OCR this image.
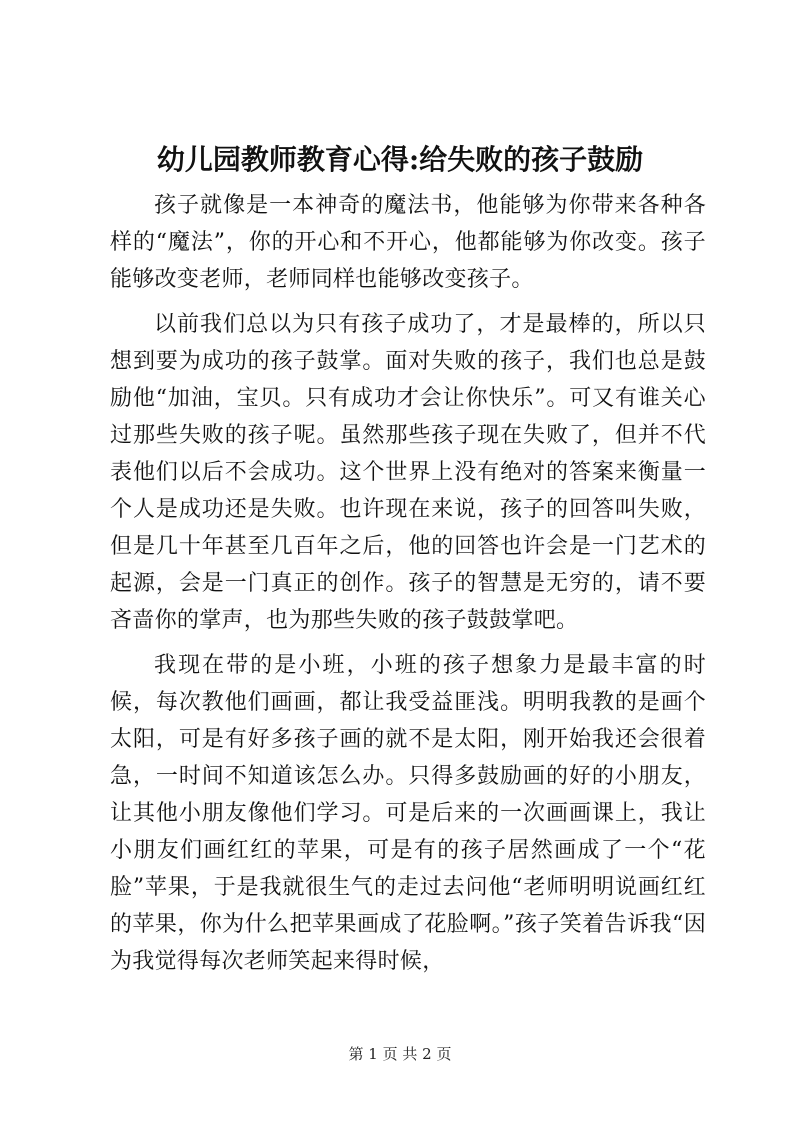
幼儿园教师教育心得:给失败的孩子鼓励

孩子就像是一本神奇的魔法书，他能够为你带来各种各样的“魔法”，你的开心和不开心，他都能够为你改变。孩子能够改变老师，老师同样也能够改变孩子。

以前我们总以为只有孩子成功了，才是最棒的，所以只想到要为成功的孩子鼓掌。面对失败的孩子，我们也总是鼓励他“加油，宝贝。只有成功才会让你快乐”。可又有谁关心过那些失败的孩子呢。虽然那些孩子现在失败了，但并不代表他们以后不会成功。这个世界上没有绝对的答案来衡量一个人是成功还是失败。也许现在来说，孩子的回答叫失败，但是几十年甚至几百年之后，他的回答也许会是一门艺术的起源，会是一门真正的创作。孩子的智慧是无穷的，请不要吝啬你的掌声，也为那些失败的孩子鼓鼓掌吧。

我现在带的是小班，小班的孩子想象力是最丰富的时候，每次教他们画画，都让我受益匪浅。明明我教的是画个太阳，可是有好多孩子画的就不是太阳，刚开始我还会很着急，一时间不知道该怎么办。只得多鼓励画的好的小朋友，让其他小朋友像他们学习。可是后来的一次画画课上，我让小朋友们画红红的苹果，可是有的孩子居然画成了一个“花脸”苹果，于是我就很生气的走过去问他“老师明明说画红红的苹果，你为什么把苹果画成了花脸啊。”孩子笑着告诉我“因为我觉得每次老师笑起来得时候，

第 1 页 共 2 页
